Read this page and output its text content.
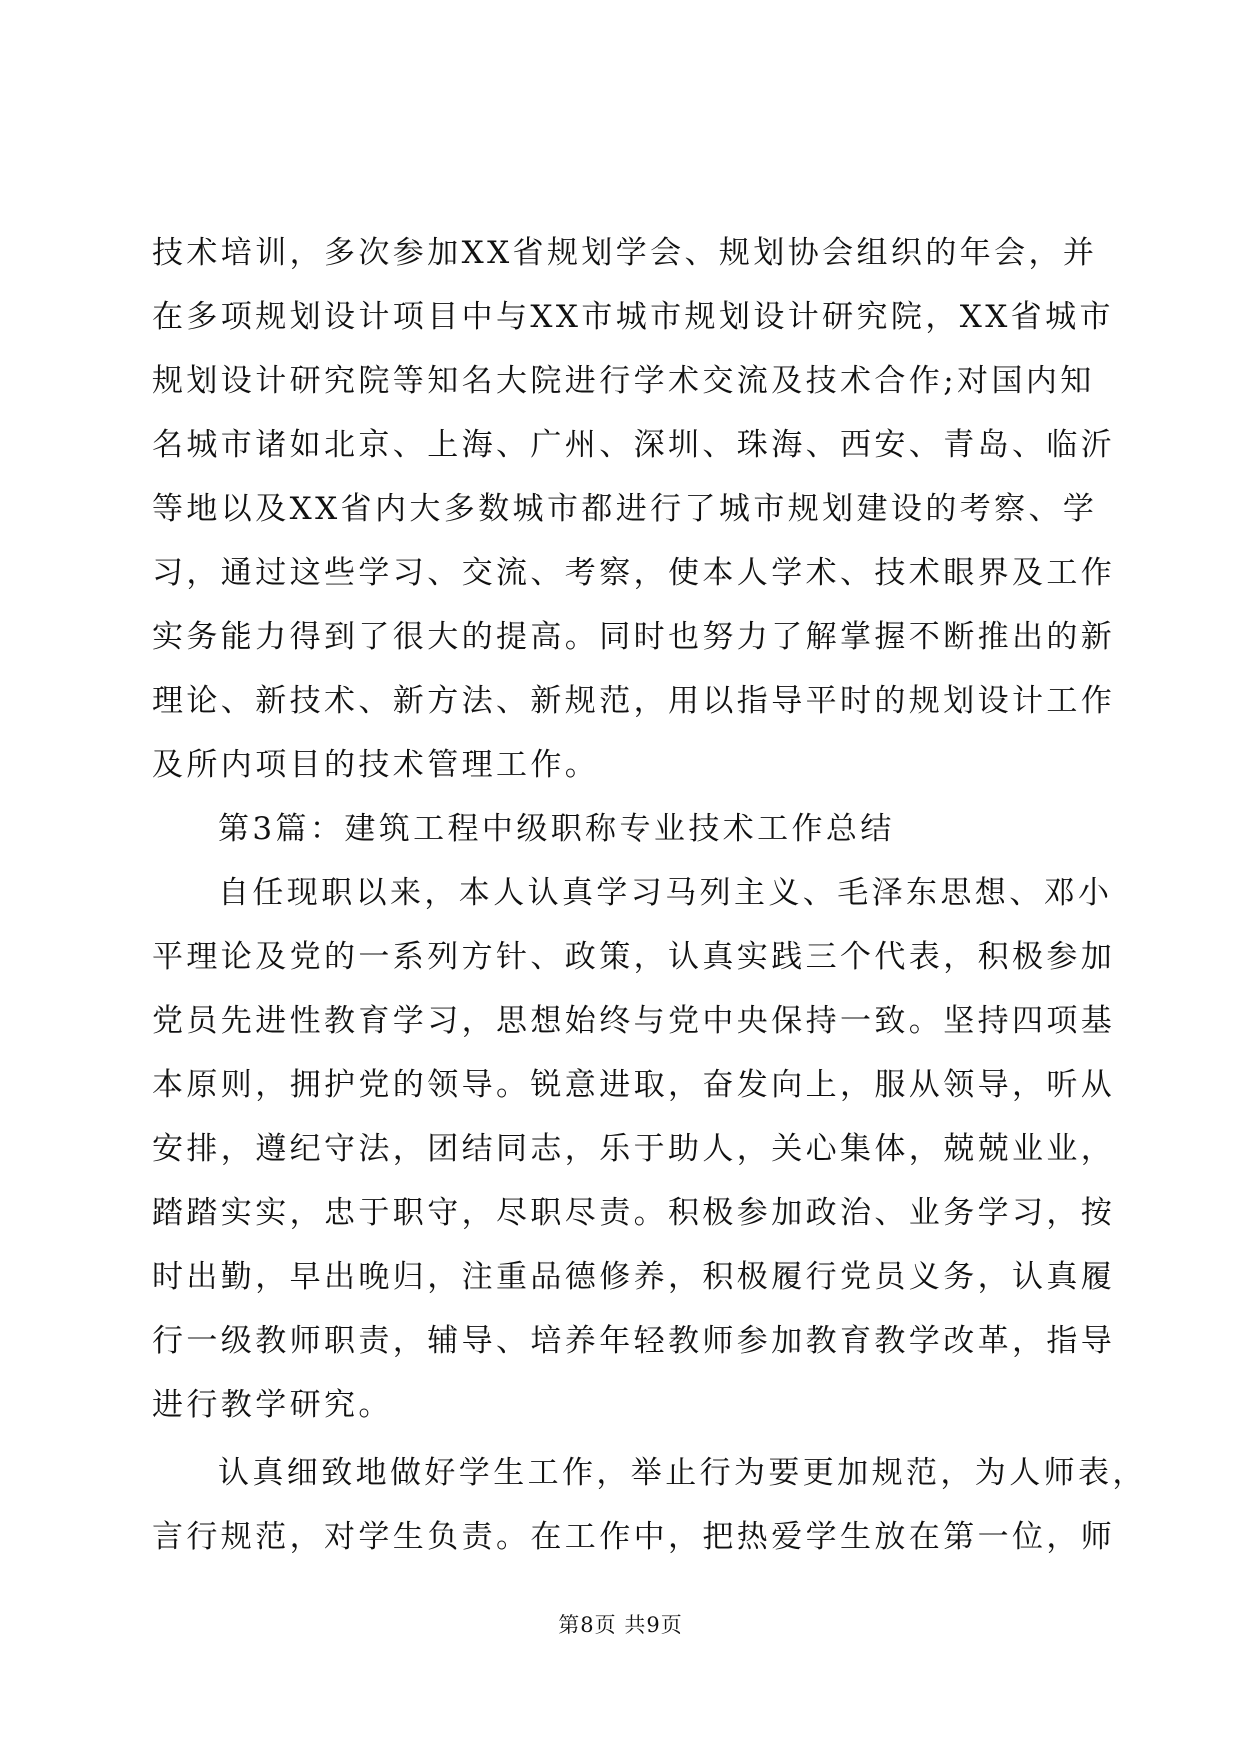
技术培训，多次参加XX省规划学会、规划协会组织的年会，并
在多项规划设计项目中与XX市城市规划设计研究院，XX省城市
规划设计研究院等知名大院进行学术交流及技术合作;对国内知
名城市诸如北京、上海、广州、深圳、珠海、西安、青岛、临沂
等地以及XX省内大多数城市都进行了城市规划建设的考察、学
习，通过这些学习、交流、考察，使本人学术、技术眼界及工作
实务能力得到了很大的提高。同时也努力了解掌握不断推出的新
理论、新技术、新方法、新规范，用以指导平时的规划设计工作
及所内项目的技术管理工作。
第3篇：建筑工程中级职称专业技术工作总结
自任现职以来，本人认真学习马列主义、毛泽东思想、邓小
平理论及党的一系列方针、政策，认真实践三个代表，积极参加
党员先进性教育学习，思想始终与党中央保持一致。坚持四项基
本原则，拥护党的领导。锐意进取，奋发向上，服从领导，听从
安排，遵纪守法，团结同志，乐于助人，关心集体，兢兢业业，
踏踏实实，忠于职守，尽职尽责。积极参加政治、业务学习，按
时出勤，早出晚归，注重品德修养，积极履行党员义务，认真履
行一级教师职责，辅导、培养年轻教师参加教育教学改革，指导
进行教学研究。
认真细致地做好学生工作，举止行为要更加规范，为人师表，
言行规范，对学生负责。在工作中，把热爱学生放在第一位，师
第8页 共9页
